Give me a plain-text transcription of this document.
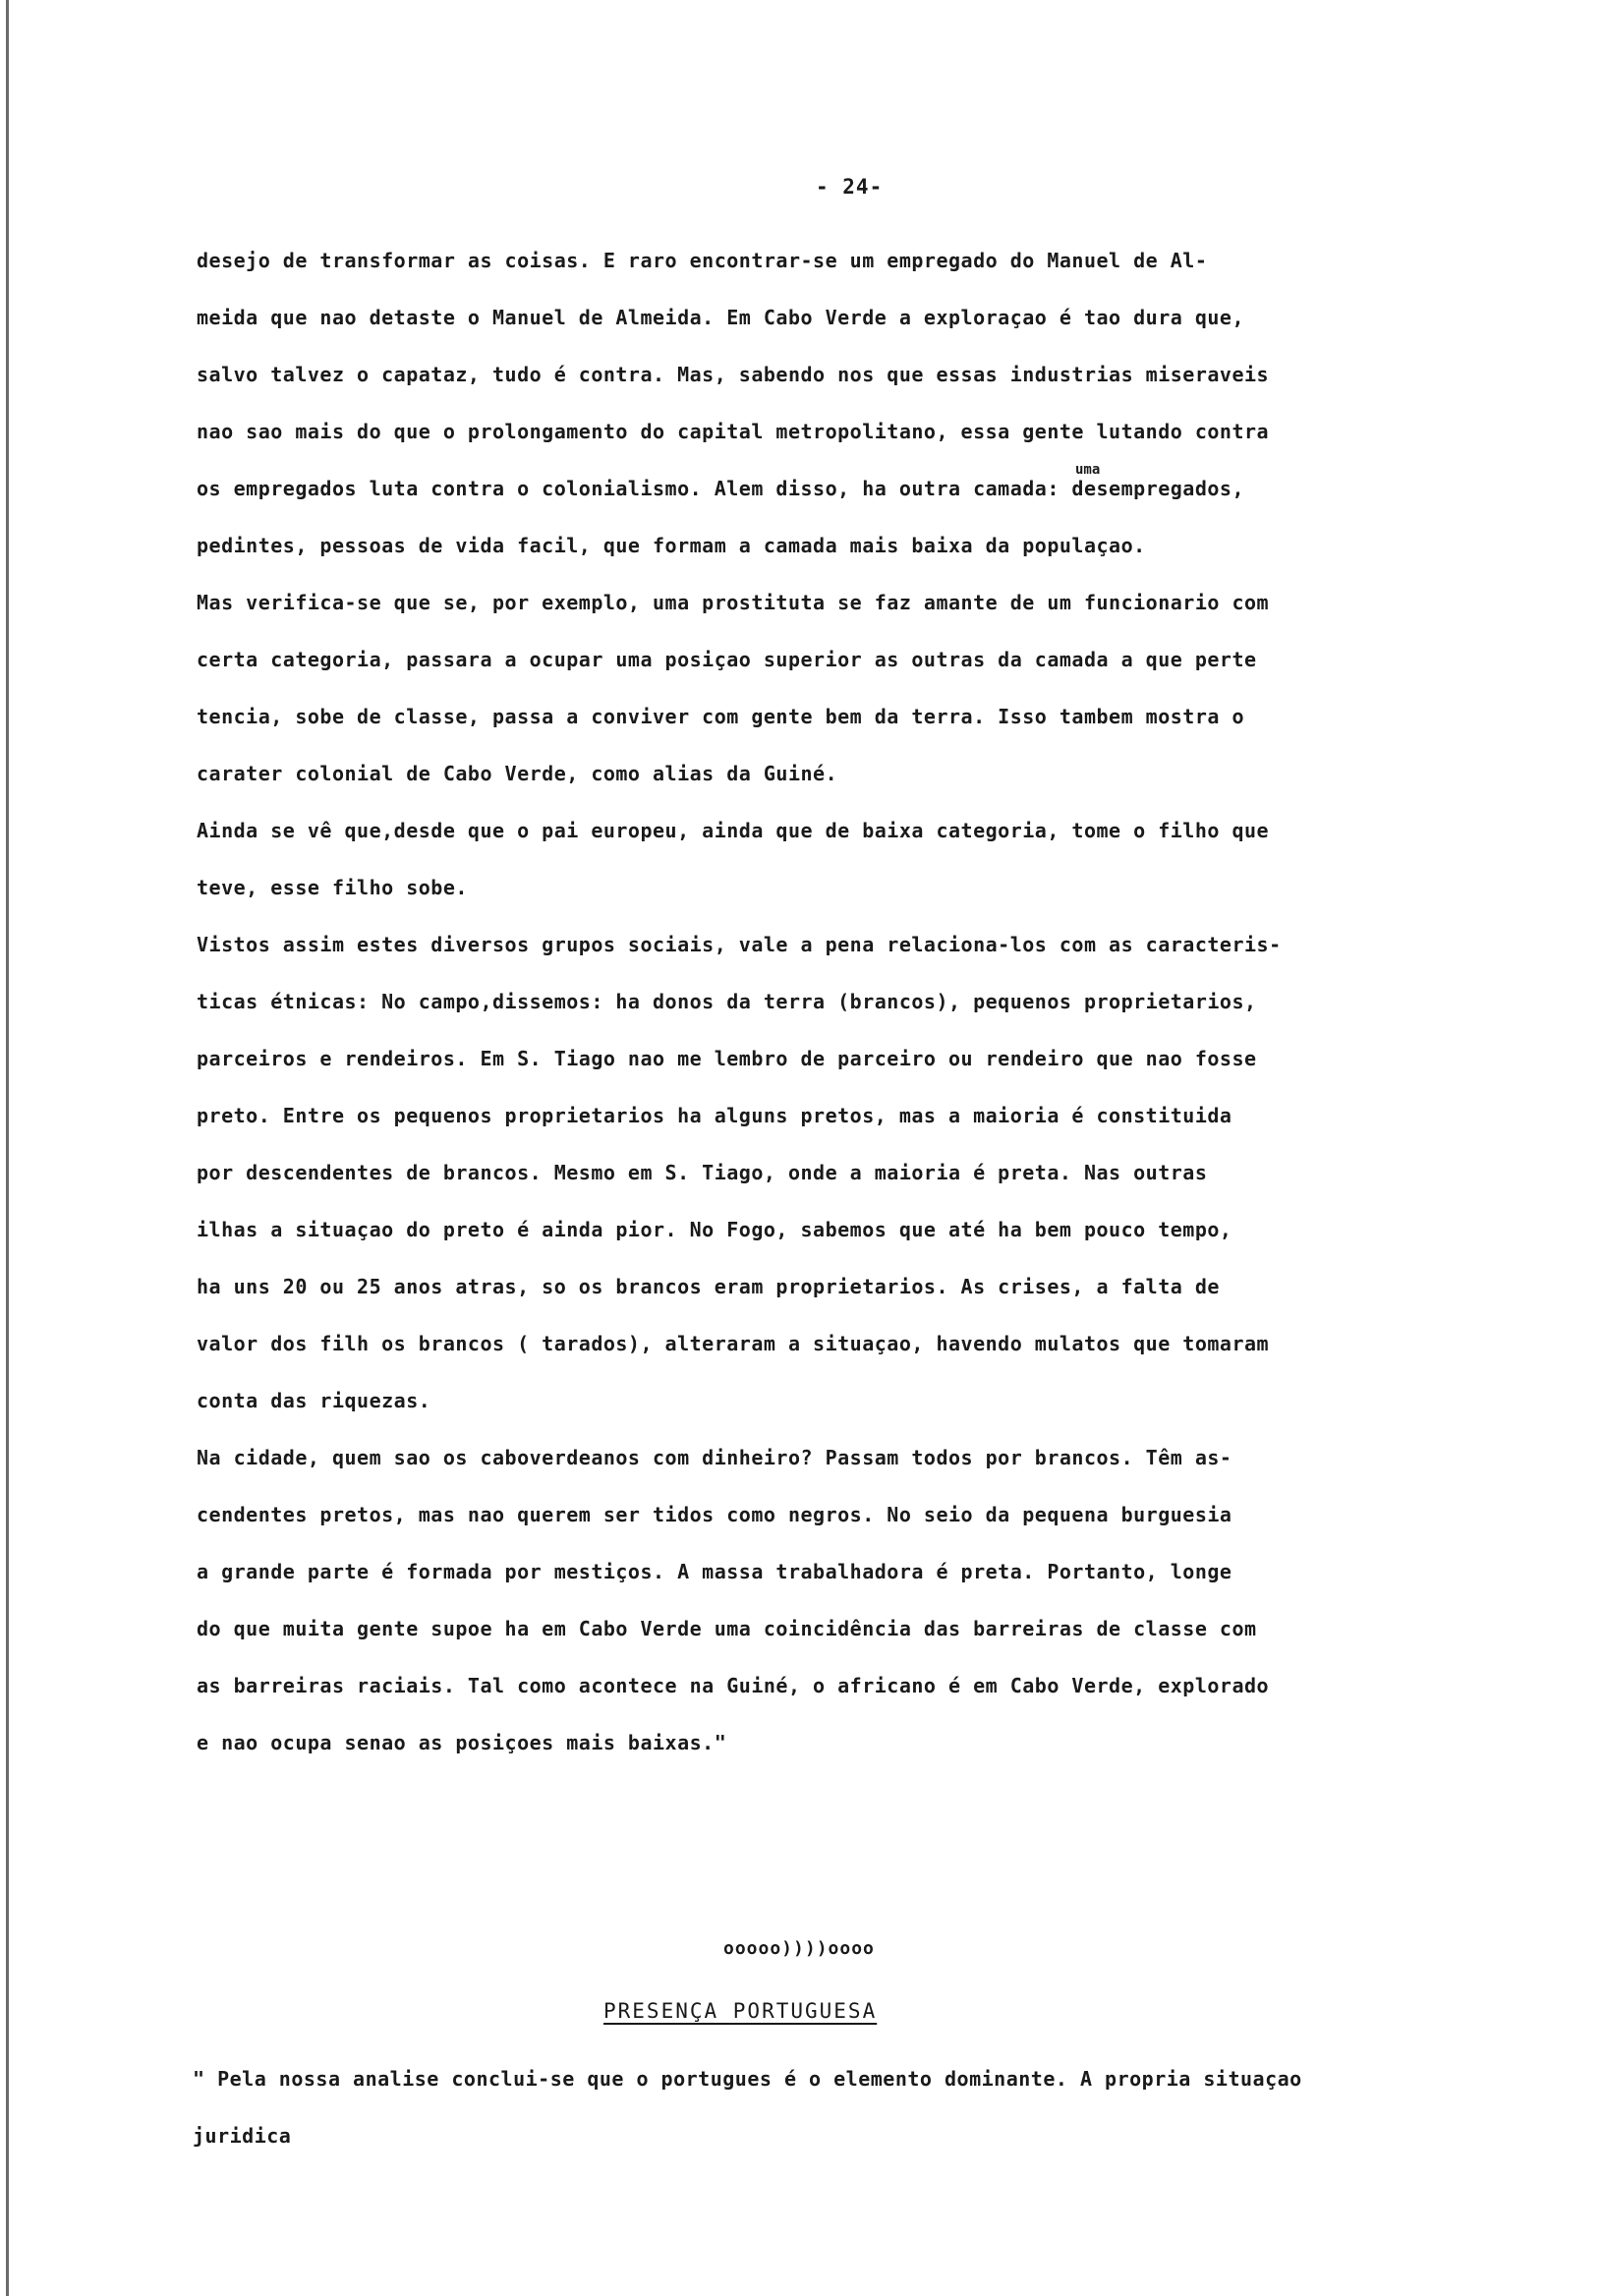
- 24-
uma
desejo de transformar as coisas. E raro encontrar-se um empregado do Manuel de Al-
meida que nao detaste o Manuel de Almeida. Em Cabo Verde a exploraçao é tao dura que,
salvo talvez o capataz, tudo é contra. Mas, sabendo nos que essas industrias miseraveis
nao sao mais do que o prolongamento do capital metropolitano, essa gente lutando contra
os empregados luta contra o colonialismo. Alem disso, ha outra camada: desempregados,
pedintes, pessoas de vida facil, que formam a camada mais baixa da populaçao.
Mas verifica-se que se, por exemplo, uma prostituta se faz amante de um funcionario com
certa categoria, passara a ocupar uma posiçao superior as outras da camada a que perte
tencia, sobe de classe, passa a conviver com gente bem da terra. Isso tambem mostra o
carater colonial de Cabo Verde, como alias da Guiné.
Ainda se vê que,desde que o pai europeu, ainda que de baixa categoria, tome o filho que
teve, esse filho sobe.
Vistos assim estes diversos grupos sociais, vale a pena relaciona-los com as caracteris-
ticas étnicas: No campo,dissemos: ha donos da terra (brancos), pequenos proprietarios,
parceiros e rendeiros. Em S. Tiago nao me lembro de parceiro ou rendeiro que nao fosse
preto. Entre os pequenos proprietarios ha alguns pretos, mas a maioria é constituida
por descendentes de brancos. Mesmo em S. Tiago, onde a maioria é preta. Nas outras
ilhas a situaçao do preto é ainda pior. No Fogo, sabemos que até ha bem pouco tempo,
ha uns 20 ou 25 anos atras, so os brancos eram proprietarios. As crises, a falta de
valor dos filh os brancos ( tarados), alteraram a situaçao, havendo mulatos que tomaram
conta das riquezas.
Na cidade, quem sao os caboverdeanos com dinheiro? Passam todos por brancos. Têm as-
cendentes pretos, mas nao querem ser tidos como negros. No seio da pequena burguesia
a grande parte é formada por mestiços. A massa trabalhadora é preta. Portanto, longe
do que muita gente supoe ha em Cabo Verde uma coincidência das barreiras de classe com
as barreiras raciais. Tal como acontece na Guiné, o africano é em Cabo Verde, explorado
e nao ocupa senao as posiçoes mais baixas."
ooooo))))oooo
PRESENÇA PORTUGUESA
" Pela nossa analise conclui-se que o portugues é o elemento dominante. A propria situaçao
juridica
